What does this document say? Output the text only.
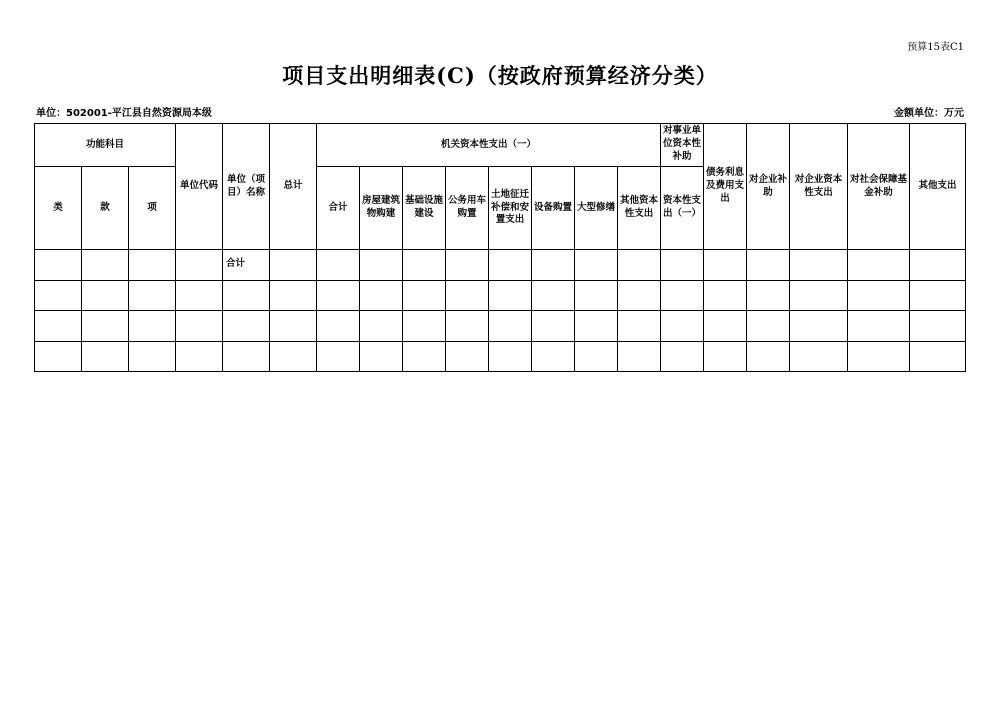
预算15表C1
项目支出明细表(C)（按政府预算经济分类）
单位：502001-平江县自然资源局本级	金额单位：万元
功能科目			单位代码	单位（项目）名称	总计	机关资本性支出（一）								对事业单位资本性补助	债务利息及费用支出	对企业补助	对企业资本性支出	对社会保障基金补助	其他支出
类	款	项				合计	房屋建筑物购建	基础设施建设	公务用车购置	土地征迁补偿和安置支出	设备购置	大型修缮	其他资本性支出	资本性支出（一）					
				合计															
